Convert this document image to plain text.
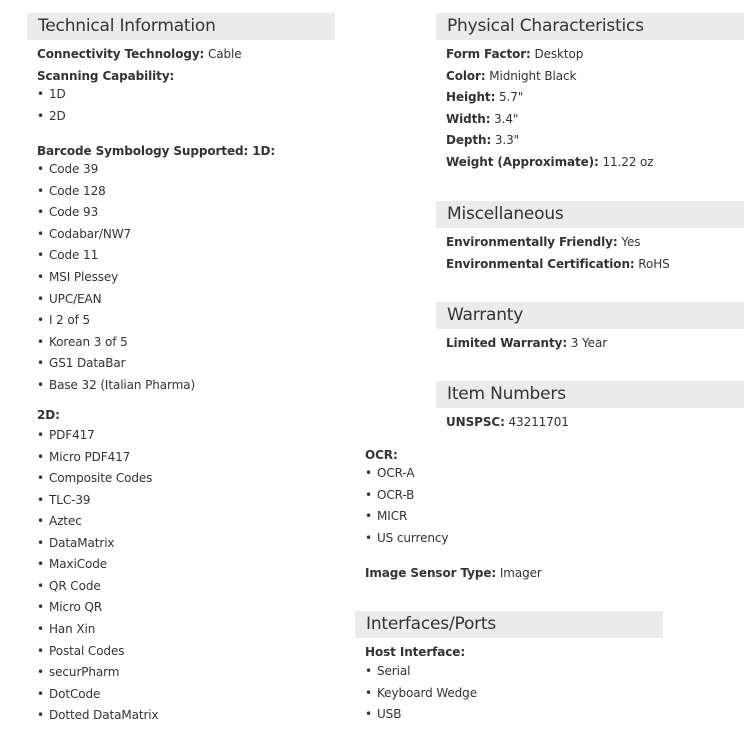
Technical Information
Connectivity Technology: Cable
Scanning Capability:
• 1D
• 2D
Barcode Symbology Supported: 1D:
• Code 39
• Code 128
• Code 93
• Codabar/NW7
• Code 11
• MSI Plessey
• UPC/EAN
• I 2 of 5
• Korean 3 of 5
• GS1 DataBar
• Base 32 (Italian Pharma)
2D:
• PDF417
• Micro PDF417
• Composite Codes
• TLC-39
• Aztec
• DataMatrix
• MaxiCode
• QR Code
• Micro QR
• Han Xin
• Postal Codes
• securPharm
• DotCode
• Dotted DataMatrix
OCR:
• OCR-A
• OCR-B
• MICR
• US currency
Image Sensor Type: Imager
Interfaces/Ports
Host Interface:
• Serial
• Keyboard Wedge
• USB
Physical Characteristics
Form Factor: Desktop
Color: Midnight Black
Height: 5.7"
Width: 3.4"
Depth: 3.3"
Weight (Approximate): 11.22 oz
Miscellaneous
Environmentally Friendly: Yes
Environmental Certification: RoHS
Warranty
Limited Warranty: 3 Year
Item Numbers
UNSPSC: 43211701
